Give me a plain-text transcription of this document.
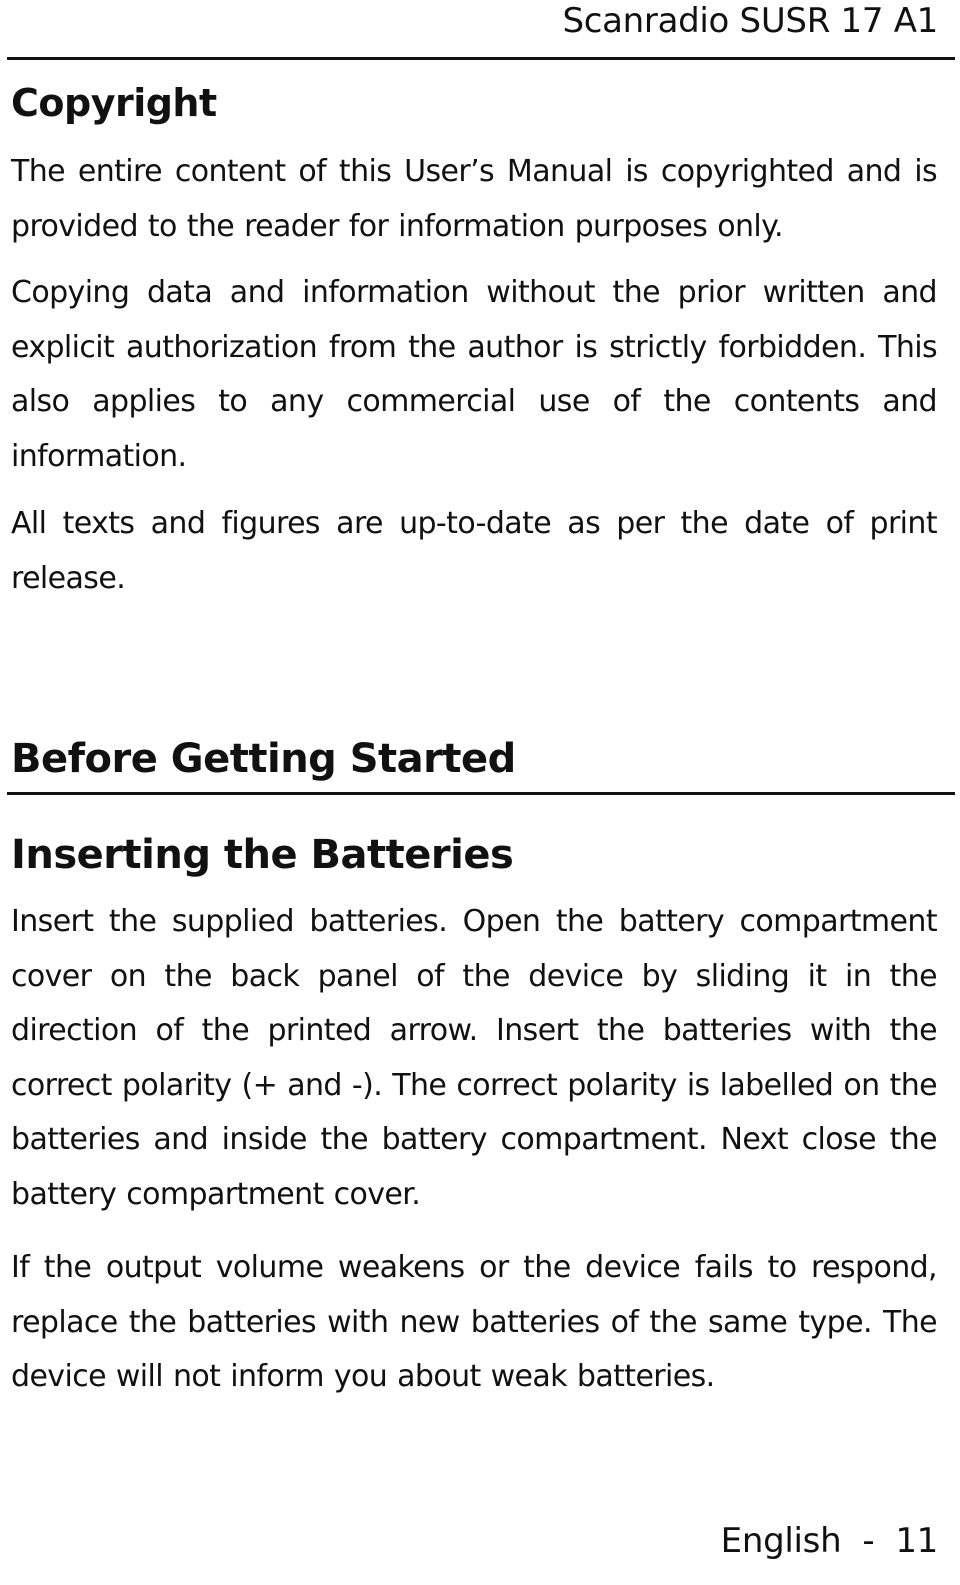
Scanradio SUSR 17 A1
Copyright

The entire content of this User’s Manual is copyrighted and is provided to the reader for information purposes only.

Copying data and information without the prior written and explicit authorization from the author is strictly forbidden. This also applies to any commercial use of the contents and information.

All texts and figures are up-to-date as per the date of print release.

Before Getting Started
Inserting the Batteries

Insert the supplied batteries. Open the battery compartment cover on the back panel of the device by sliding it in the direction of the printed arrow. Insert the batteries with the correct polarity (+ and -). The correct polarity is labelled on the batteries and inside the battery compartment. Next close the battery compartment cover.

If the output volume weakens or the device fails to respond, replace the batteries with new batteries of the same type. The device will not inform you about weak batteries.

English - 11
